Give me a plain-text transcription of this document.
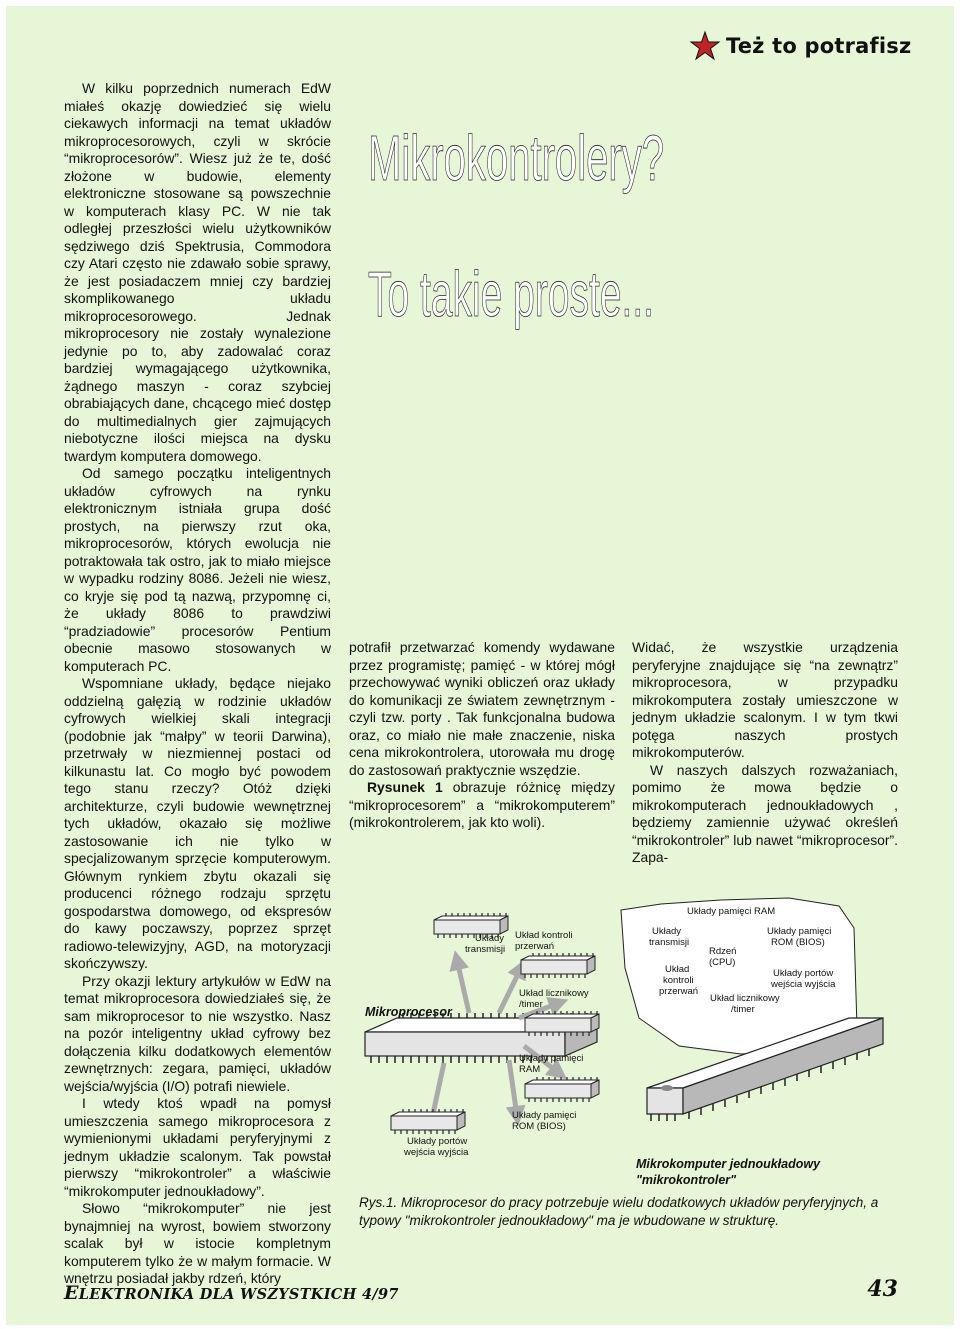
Też to potrafisz
Mikrokontrolery?
To takie proste...

W kilku poprzednich numerach EdW miałeś okazję dowiedzieć się wielu ciekawych informacji na temat układów mikroprocesorowych, czyli w skrócie “mikroprocesorów”. Wiesz już że te, dość złożone w budowie, elementy elektroniczne stosowane są powszechnie w komputerach klasy PC. W nie tak odległej przeszłości wielu użytkowników sędziwego dziś Spektrusia, Commodora czy Atari często nie zdawało sobie sprawy, że jest posiadaczem mniej czy bardziej skomplikowanego układu mikroprocesorowego. Jednak mikroprocesory nie zostały wynalezione jedynie po to, aby zadowalać coraz bardziej wymagającego użytkownika, żądnego maszyn - coraz szybciej obrabiających dane, chcącego mieć dostęp do multimedialnych gier zajmujących niebotyczne ilości miejsca na dysku twardym komputera domowego.

Od samego początku inteligentnych układów cyfrowych na rynku elektronicznym istniała grupa dość prostych, na pierwszy rzut oka, mikroprocesorów, których ewolucja nie potraktowała tak ostro, jak to miało miejsce w wypadku rodziny 8086. Jeżeli nie wiesz, co kryje się pod tą nazwą, przypomnę ci, że układy 8086 to prawdziwi “pradziadowie” procesorów Pentium obecnie masowo stosowanych w komputerach PC.

Wspomniane układy, będące niejako oddzielną gałęzią w rodzinie układów cyfrowych wielkiej skali integracji (podobnie jak “małpy” w teorii Darwina), przetrwały w niezmiennej postaci od kilkunastu lat. Co mogło być powodem tego stanu rzeczy? Otóż dzięki architekturze, czyli budowie wewnętrznej tych układów, okazało się możliwe zastosowanie ich nie tylko w specjalizowanym sprzęcie komputerowym. Głównym rynkiem zbytu okazali się producenci różnego rodzaju sprzętu gospodarstwa domowego, od ekspresów do kawy poczawszy, poprzez sprzęt radiowo-telewizyjny, AGD, na motoryzacji skończywszy.

Przy okazji lektury artykułów w EdW na temat mikroprocesora dowiedziałeś się, że sam mikroprocesor to nie wszystko. Nasz na pozór inteligentny układ cyfrowy bez dołączenia kilku dodatkowych elementów zewnętrznych: zegara, pamięci, układów wejścia/wyjścia (I/O) potrafi niewiele.

I wtedy ktoś wpadł na pomysł umieszczenia samego mikroprocesora z wymienionymi układami peryferyjnymi z jednym układzie scalonym. Tak powstał pierwszy “mikrokontroler” a właściwie “mikrokomputer jednoukładowy”.

Słowo “mikrokomputer” nie jest bynajmniej na wyrost, bowiem stworzony scalak był w istocie kompletnym komputerem tylko że w małym formacie. W wnętrzu posiadał jakby rdzeń, który

potrafił przetwarzać komendy wydawane przez programistę; pamięć - w której mógł przechowywać wyniki obliczeń oraz układy do komunikacji ze światem zewnętrznym - czyli tzw. porty . Tak funkcjonalna budowa oraz, co miało nie małe znaczenie, niska cena mikrokontrolera, utorowała mu drogę do zastosowań praktycznie wszędzie.

Rysunek 1 obrazuje różnicę między “mikroprocesorem” a “mikrokomputerem” (mikrokontrolerem, jak kto woli).

Widać, że wszystkie urządzenia peryferyjne znajdujące się “na zewnątrz” mikroprocesora, w przypadku mikrokomputera zostały umieszczone w jednym układzie scalonym. I w tym tkwi potęga naszych prostych mikrokomputerów.

W naszych dalszych rozważaniach, pomimo że mowa będzie o mikrokomputerach jednoukładowych , będziemy zamiennie używać określeń “mikrokontroler” lub nawet “mikroprocesor”. Zapa-

Mikroprocesor
Układy
transmisji
Układ kontroli
przerwań
Układ licznikowy
/timer
Układy pamięci
RAM
Układy pamięci
ROM (BIOS)
Układy portów
wejścia wyjścia
Układy pamięci RAM
Układy
transmisji
Rdzeń
(CPU)
Układy pamięci
ROM (BIOS)
Układ
kontroli
przerwań
Układy portów
wejścia wyjścia
Układ licznikowy
/timer
Mikrokomputer jednoukładowy
"mikrokontroler"
Rys.1. Mikroprocesor do pracy potrzebuje wielu dodatkowych układów peryferyjnych, a typowy "mikrokontroler jednoukładowy" ma je wbudowane w strukturę.
ELEKTRONIKA DLA WSZYSTKICH 4/97	43
